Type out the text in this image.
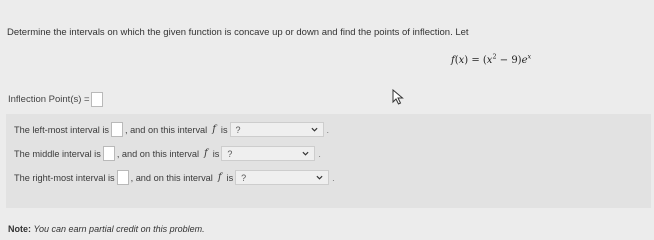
Determine the intervals on which the given function is concave up or down and find the points of inflection. Let
$f(x) = (x^2 - 9)e^x$
Inflection Point(s) =
The left-most interval is , and on this interval f is ?	.
The middle interval is , and on this interval f is ?	.
The right-most interval is , and on this interval f is ?	.
Note: You can earn partial credit on this problem.
